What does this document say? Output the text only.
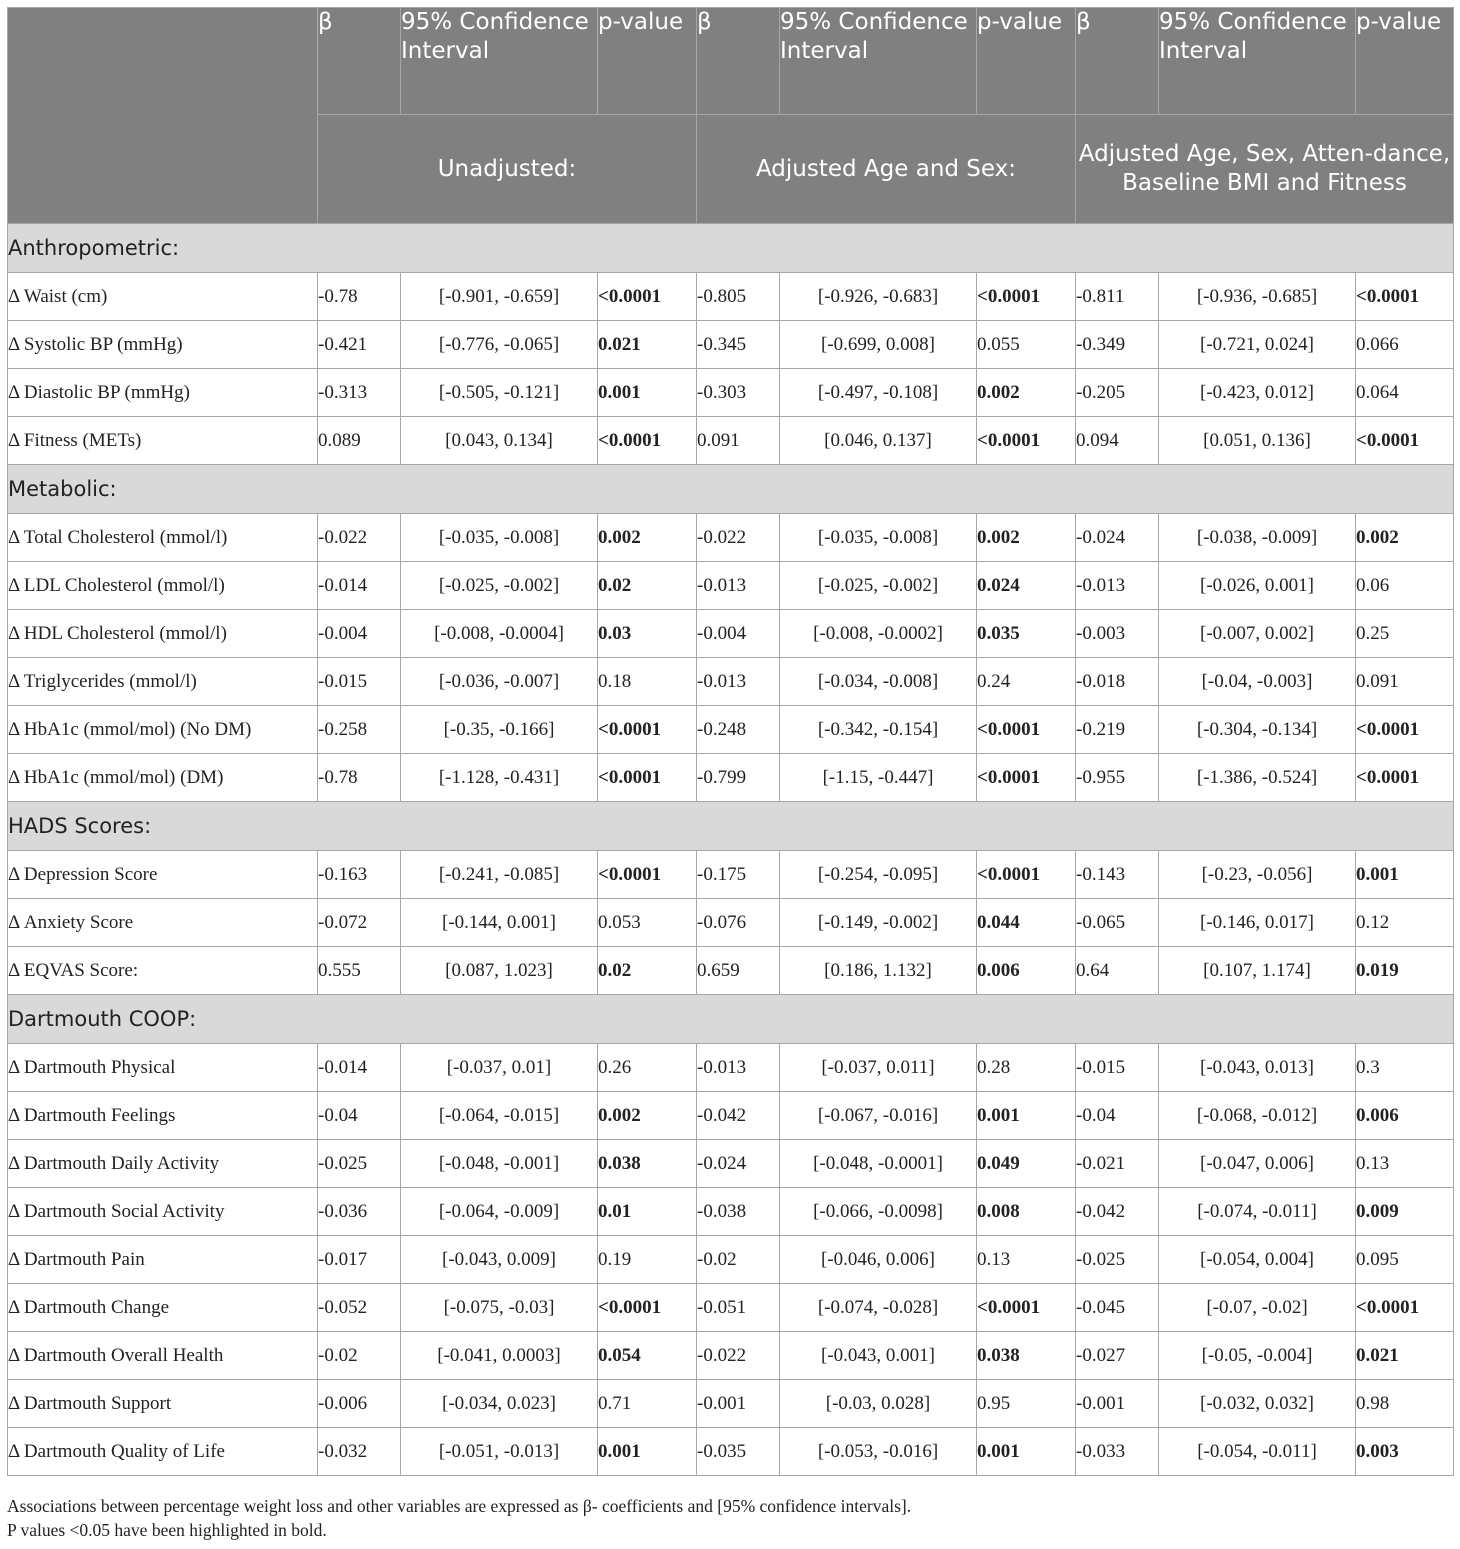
	β	95% Confidence Interval	p-value	β	95% Confidence Interval	p-value	β	95% Confidence Interval	p-value
	Unadjusted:			Adjusted Age and Sex:			Adjusted Age, Sex, Atten-dance, Baseline BMI and Fitness		
Anthropometric:									
Δ Waist (cm)	-0.78	[-0.901, -0.659]	<0.0001	-0.805	[-0.926, -0.683]	<0.0001	-0.811	[-0.936, -0.685]	<0.0001
Δ Systolic BP (mmHg)	-0.421	[-0.776, -0.065]	0.021	-0.345	[-0.699, 0.008]	0.055	-0.349	[-0.721, 0.024]	0.066
Δ Diastolic BP (mmHg)	-0.313	[-0.505, -0.121]	0.001	-0.303	[-0.497, -0.108]	0.002	-0.205	[-0.423, 0.012]	0.064
Δ Fitness (METs)	0.089	[0.043, 0.134]	<0.0001	0.091	[0.046, 0.137]	<0.0001	0.094	[0.051, 0.136]	<0.0001
Metabolic:									
Δ Total Cholesterol (mmol/l)	-0.022	[-0.035, -0.008]	0.002	-0.022	[-0.035, -0.008]	0.002	-0.024	[-0.038, -0.009]	0.002
Δ LDL Cholesterol (mmol/l)	-0.014	[-0.025, -0.002]	0.02	-0.013	[-0.025, -0.002]	0.024	-0.013	[-0.026, 0.001]	0.06
Δ HDL Cholesterol (mmol/l)	-0.004	[-0.008, -0.0004]	0.03	-0.004	[-0.008, -0.0002]	0.035	-0.003	[-0.007, 0.002]	0.25
Δ Triglycerides (mmol/l)	-0.015	[-0.036, -0.007]	0.18	-0.013	[-0.034, -0.008]	0.24	-0.018	[-0.04, -0.003]	0.091
Δ HbA1c (mmol/mol) (No DM)	-0.258	[-0.35, -0.166]	<0.0001	-0.248	[-0.342, -0.154]	<0.0001	-0.219	[-0.304, -0.134]	<0.0001
Δ HbA1c (mmol/mol) (DM)	-0.78	[-1.128, -0.431]	<0.0001	-0.799	[-1.15, -0.447]	<0.0001	-0.955	[-1.386, -0.524]	<0.0001
HADS Scores:									
Δ Depression Score	-0.163	[-0.241, -0.085]	<0.0001	-0.175	[-0.254, -0.095]	<0.0001	-0.143	[-0.23, -0.056]	0.001
Δ Anxiety Score	-0.072	[-0.144, 0.001]	0.053	-0.076	[-0.149, -0.002]	0.044	-0.065	[-0.146, 0.017]	0.12
Δ EQVAS Score:	0.555	[0.087, 1.023]	0.02	0.659	[0.186, 1.132]	0.006	0.64	[0.107, 1.174]	0.019
Dartmouth COOP:									
Δ Dartmouth Physical	-0.014	[-0.037, 0.01]	0.26	-0.013	[-0.037, 0.011]	0.28	-0.015	[-0.043, 0.013]	0.3
Δ Dartmouth Feelings	-0.04	[-0.064, -0.015]	0.002	-0.042	[-0.067, -0.016]	0.001	-0.04	[-0.068, -0.012]	0.006
Δ Dartmouth Daily Activity	-0.025	[-0.048, -0.001]	0.038	-0.024	[-0.048, -0.0001]	0.049	-0.021	[-0.047, 0.006]	0.13
Δ Dartmouth Social Activity	-0.036	[-0.064, -0.009]	0.01	-0.038	[-0.066, -0.0098]	0.008	-0.042	[-0.074, -0.011]	0.009
Δ Dartmouth Pain	-0.017	[-0.043, 0.009]	0.19	-0.02	[-0.046, 0.006]	0.13	-0.025	[-0.054, 0.004]	0.095
Δ Dartmouth Change	-0.052	[-0.075, -0.03]	<0.0001	-0.051	[-0.074, -0.028]	<0.0001	-0.045	[-0.07, -0.02]	<0.0001
Δ Dartmouth Overall Health	-0.02	[-0.041, 0.0003]	0.054	-0.022	[-0.043, 0.001]	0.038	-0.027	[-0.05, -0.004]	0.021
Δ Dartmouth Support	-0.006	[-0.034, 0.023]	0.71	-0.001	[-0.03, 0.028]	0.95	-0.001	[-0.032, 0.032]	0.98
Δ Dartmouth Quality of Life	-0.032	[-0.051, -0.013]	0.001	-0.035	[-0.053, -0.016]	0.001	-0.033	[-0.054, -0.011]	0.003
Associations between percentage weight loss and other variables are expressed as β- coefficients and [95% confidence intervals].
P values <0.05 have been highlighted in bold.
